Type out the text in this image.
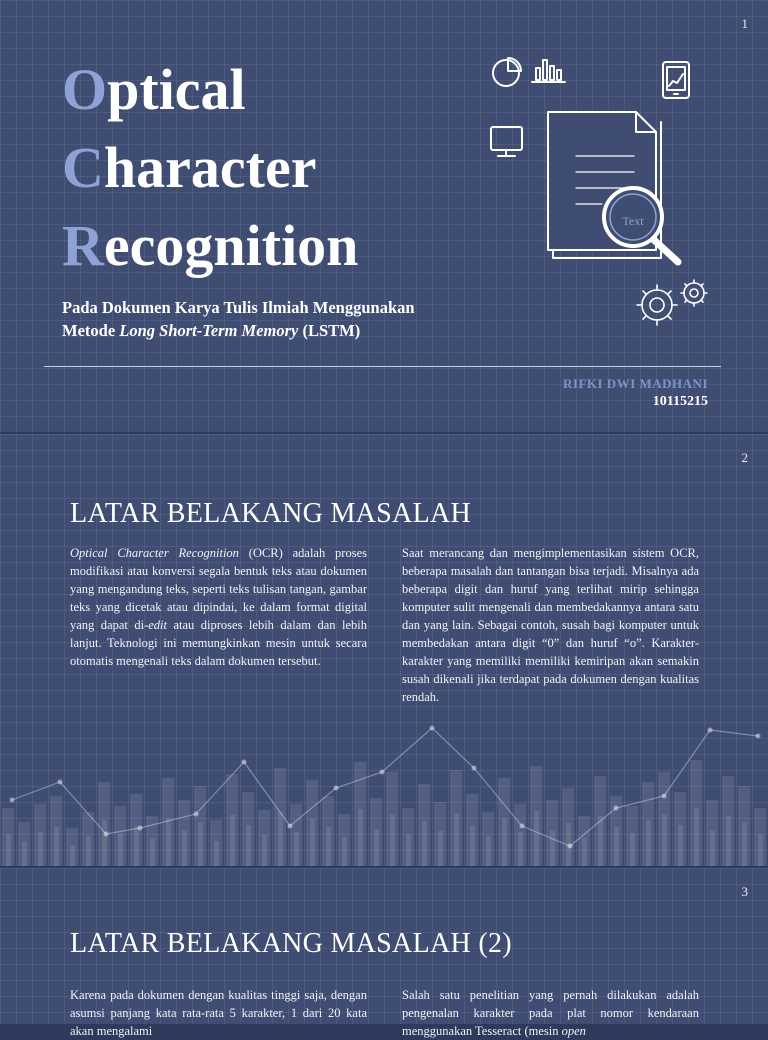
1
Optical
Character
Recognition
Pada Dokumen Karya Tulis Ilmiah Menggunakan
Metode Long Short-Term Memory (LSTM)
RIFKI DWI MADHANI
10115215
Text
2
LATAR BELAKANG MASALAH
Optical Character Recognition (OCR) adalah proses modifikasi atau konversi segala bentuk teks atau dokumen yang mengandung teks, seperti teks tulisan tangan, gambar teks yang dicetak atau dipindai, ke dalam format digital yang dapat di-edit atau diproses lebih dalam dan lebih lanjut. Teknologi ini memungkinkan mesin untuk secara otomatis mengenali teks dalam dokumen tersebut.
Saat merancang dan mengimplementasikan sistem OCR, beberapa masalah dan tantangan bisa terjadi. Misalnya ada beberapa digit dan huruf yang terlihat mirip sehingga komputer sulit mengenali dan membedakannya antara satu dan yang lain. Sebagai contoh, susah bagi komputer untuk membedakan antara digit “0” dan huruf “o”. Karakter-karakter yang memiliki memiliki kemiripan akan semakin susah dikenali jika terdapat pada dokumen dengan kualitas rendah.
3
LATAR BELAKANG MASALAH (2)
Karena pada dokumen dengan kualitas tinggi saja, dengan asumsi panjang kata rata-rata 5 karakter, 1 dari 20 kata akan mengalami
Salah satu penelitian yang pernah dilakukan adalah pengenalan karakter pada plat nomor kendaraan menggunakan Tesseract (mesin open
